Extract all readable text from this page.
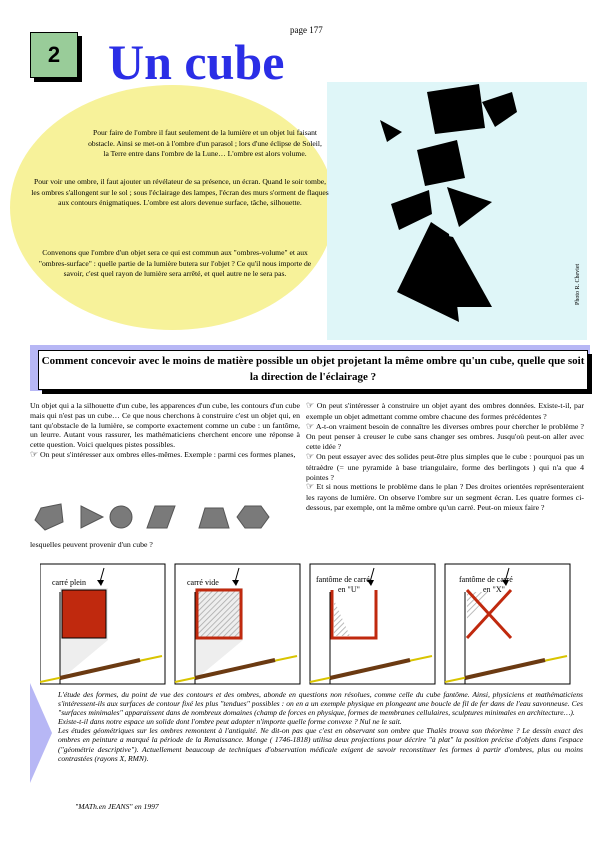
page 177
2
Photo R. Cheviet
Un cube fantôme
Pour faire de l'ombre il faut seulement de la lumière et un objet lui faisant obstacle. Ainsi se met-on à l'ombre d'un parasol ; lors d'une éclipse de Soleil, la Terre entre dans l'ombre de la Lune… L'ombre est alors volume.
Pour voir une ombre, il faut ajouter un révélateur de sa présence, un écran. Quand le soir tombe, les ombres s'allongent sur le sol ; sous l'éclairage des lampes, l'écran des murs s'orment de flaques aux contours énigmatiques. L'ombre est alors devenue surface, tâche, silhouette.
Convenons que l'ombre d'un objet sera ce qui est commun aux "ombres-volume" et aux "ombres-surface" : quelle partie de la lumière butera sur l'objet ? Ce qu'il nous importe de savoir, c'est quel rayon de lumière sera arrêté, et quel autre ne le sera pas.
Comment concevoir avec le moins de matière possible un objet projetant la même ombre qu'un cube, quelle que soit la direction de l'éclairage ?
Un objet qui a la silhouette d'un cube, les apparences d'un cube, les contours d'un cube mais qui n'est pas un cube… Ce que nous cherchons à construire c'est un objet qui, en tant qu'obstacle de la lumière, se comporte exactement comme un cube : un fantôme, un leurre. Autant vous rassurer, les mathématiciens cherchent encore une réponse à cette question. Voici quelques pistes possibles.
☞ On peut s'intéresser aux ombres elles-mêmes. Exemple : parmi ces formes planes,
lesquelles peuvent provenir d'un cube ?
☞ On peut s'intéresser à construire un objet ayant des ombres données. Existe-t-il, par exemple un objet admettant comme ombre chacune des formes précédentes ?
☞ A-t-on vraiment besoin de connaître les diverses ombres pour chercher le problème ? On peut penser à creuser le cube sans changer ses ombres. Jusqu'où peut-on aller avec cette idée ?
☞ On peut essayer avec des solides peut-être plus simples que le cube : pourquoi pas un tétraèdre (= une pyramide à base triangulaire, forme des berlingots ) qui n'a que 4 pointes ?
☞ Et si nous mettions le problème dans le plan ? Des droites orientées représenteraient les rayons de lumière. On observe l'ombre sur un segment écran. Les quatre formes ci-dessous, par exemple, ont la même ombre qu'un carré. Peut-on mieux faire ?
carré plein	carré vide	fantôme de carré
en "U"
fantôme de carré
en "X"
L'étude des formes, du point de vue des contours et des ombres, abonde en questions non résolues, comme celle du cube fantôme. Ainsi, physiciens et mathématiciens s'intéressent-ils aux surfaces de contour fixé les plus "tendues" possibles : on en a un exemple physique en plongeant une boucle de fil de fer dans de l'eau savonneuse. Ces "surfaces minimales" apparaissent dans de nombreux domaines (champ de forces en physique, formes de membranes cellulaires, sculptures minimales en architecture…).
Existe-t-il dans notre espace un solide dont l'ombre peut adopter n'importe quelle forme convexe ? Nul ne le sait.
Les études géométriques sur les ombres remontent à l'antiquité. Ne dit-on pas que c'est en observant son ombre que Thalès trouva son théorème ? Le dessin exact des ombres en peinture a marqué la période de la Renaissance. Monge ( 1746-1818) utilisa deux projections pour décrire "à plat" la position précise d'objets dans l'espace ("géométrie descriptive"). Actuellement beaucoup de techniques d'observation médicale exigent de savoir reconstituer les formes à partir d'ombres, plus ou moins contrastées (rayons X, RMN).
"MATh.en JEANS" en 1997
